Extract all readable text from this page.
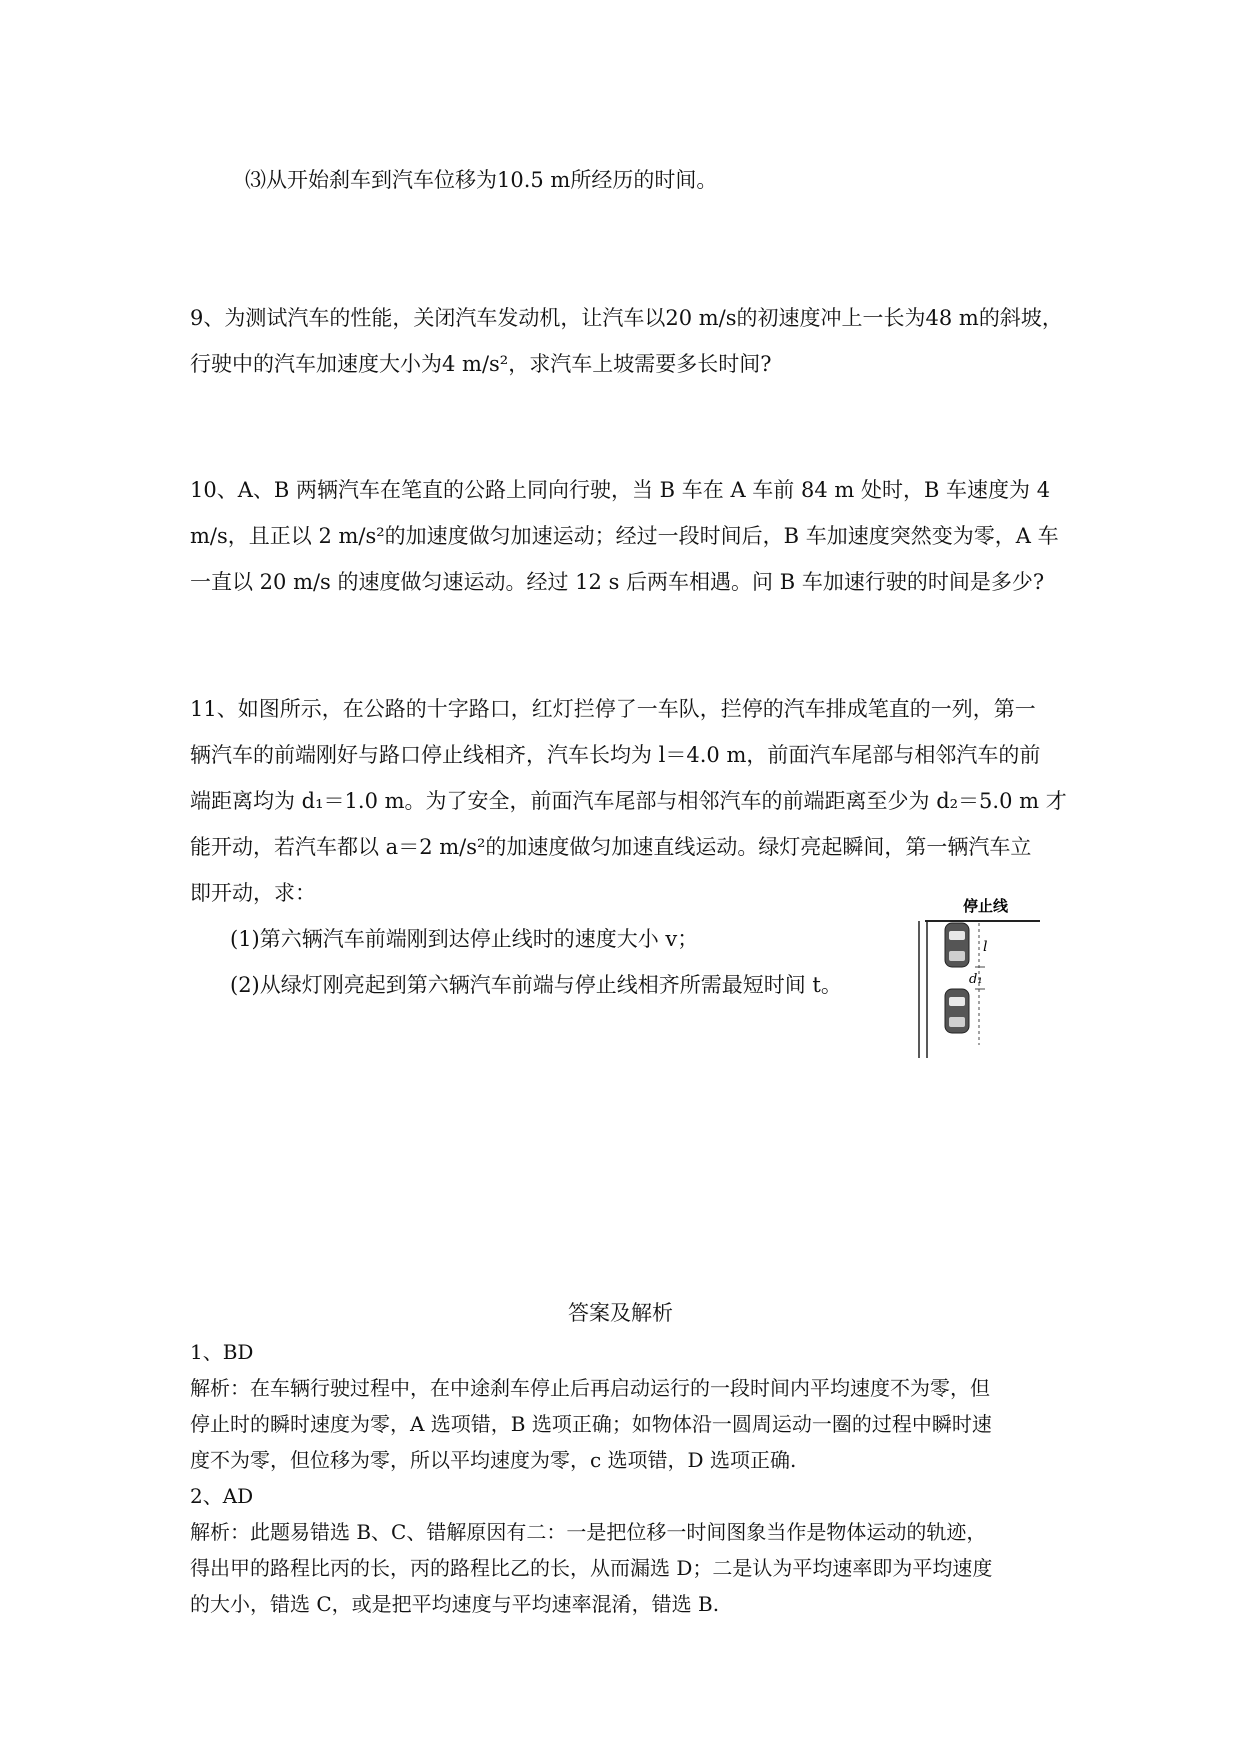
⑶从开始刹车到汽车位移为10.5 m所经历的时间。
9、为测试汽车的性能，关闭汽车发动机，让汽车以20 m/s的初速度冲上一长为48 m的斜坡，
行驶中的汽车加速度大小为4 m/s²，求汽车上坡需要多长时间?
10、A、B 两辆汽车在笔直的公路上同向行驶，当 B 车在 A 车前 84 m 处时，B 车速度为 4
m/s，且正以 2 m/s²的加速度做匀加速运动；经过一段时间后，B 车加速度突然变为零，A 车
一直以 20 m/s 的速度做匀速运动。经过 12 s 后两车相遇。问 B 车加速行驶的时间是多少?
11、如图所示，在公路的十字路口，红灯拦停了一车队，拦停的汽车排成笔直的一列，第一
辆汽车的前端刚好与路口停止线相齐，汽车长均为 l＝4.0 m，前面汽车尾部与相邻汽车的前
端距离均为 d₁＝1.0 m。为了安全，前面汽车尾部与相邻汽车的前端距离至少为 d₂＝5.0 m 才
能开动，若汽车都以 a＝2 m/s²的加速度做匀加速直线运动。绿灯亮起瞬间，第一辆汽车立
即开动，求：
(1)第六辆汽车前端刚到达停止线时的速度大小 v；
(2)从绿灯刚亮起到第六辆汽车前端与停止线相齐所需最短时间 t。
停止线
l
d₁
答案及解析
1、BD
解析：在车辆行驶过程中，在中途刹车停止后再启动运行的一段时间内平均速度不为零，但
停止时的瞬时速度为零，A 选项错，B 选项正确；如物体沿一圆周运动一圈的过程中瞬时速
度不为零，但位移为零，所以平均速度为零，c 选项错，D 选项正确.
2、AD
解析：此题易错选 B、C、错解原因有二：一是把位移一时间图象当作是物体运动的轨迹，
得出甲的路程比丙的长，丙的路程比乙的长，从而漏选 D；二是认为平均速率即为平均速度
的大小，错选 C，或是把平均速度与平均速率混淆，错选 B.
